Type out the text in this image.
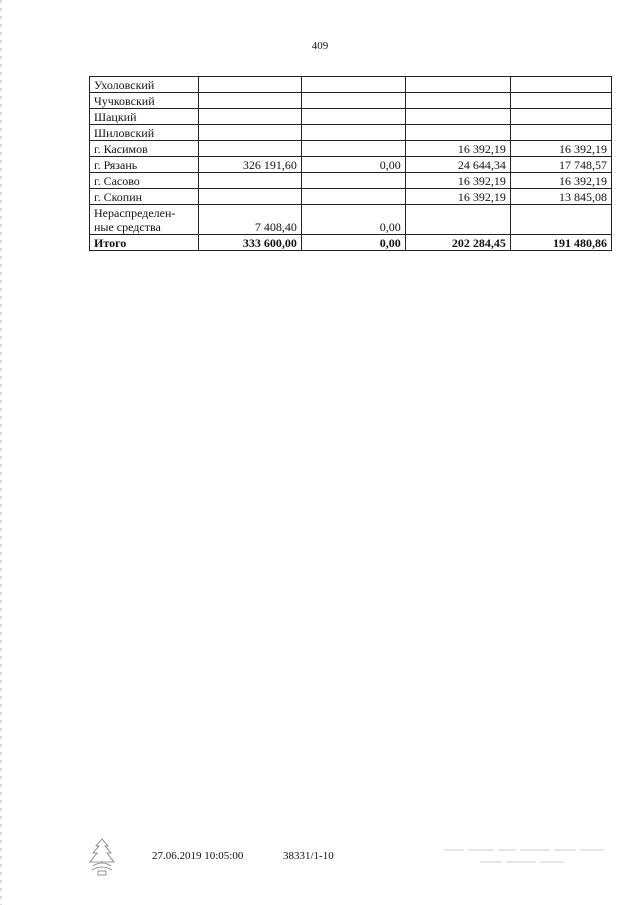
409
Ухоловский				
Чучковский				
Шацкий				
Шиловский				
г. Касимов			16 392,19	16 392,19
г. Рязань	326 191,60	0,00	24 644,34	17 748,57
г. Сасово			16 392,19	16 392,19
г. Скопин			16 392,19	13 845,08

Нераспределен-
ные средства	7 408,40	0,00		
Итого	333 600,00	0,00	202 284,45	191 480,86
27.06.2019 10:05:00	38331/1-10
